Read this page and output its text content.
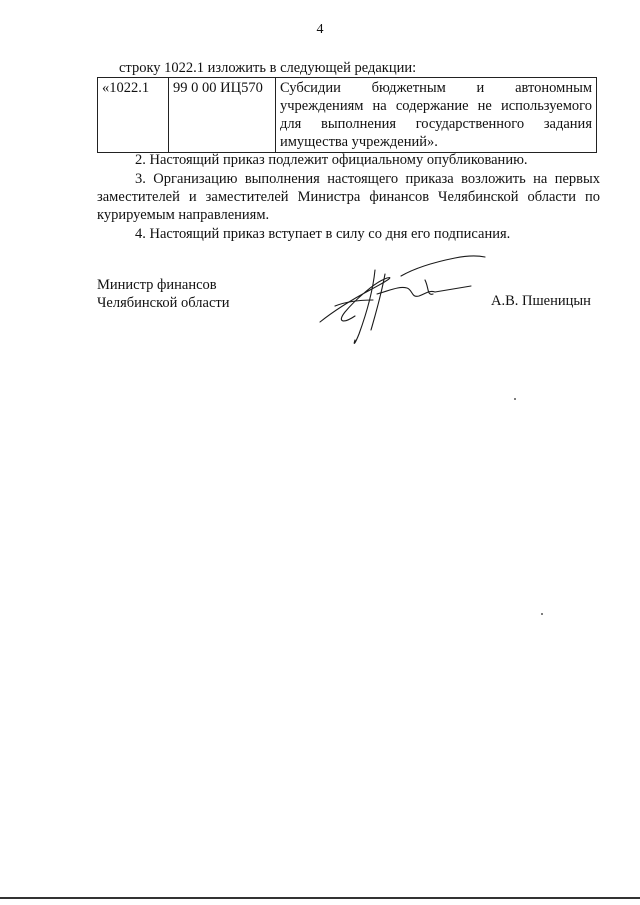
4
строку 1022.1 изложить в следующей редакции:
«1022.1	99 0 00 ИЦ570	Субсидии бюджетным и автономным учреждениям на содержание не используемого для выполнения государственного задания имущества учреждений».
2. Настоящий приказ подлежит официальному опубликованию.
3. Организацию выполнения настоящего приказа возложить на первых заместителей и заместителей Министра финансов Челябинской области по курируемым направлениям.
4. Настоящий приказ вступает в силу со дня его подписания.
Министр финансов
Челябинской области	А.В. Пшеницын
